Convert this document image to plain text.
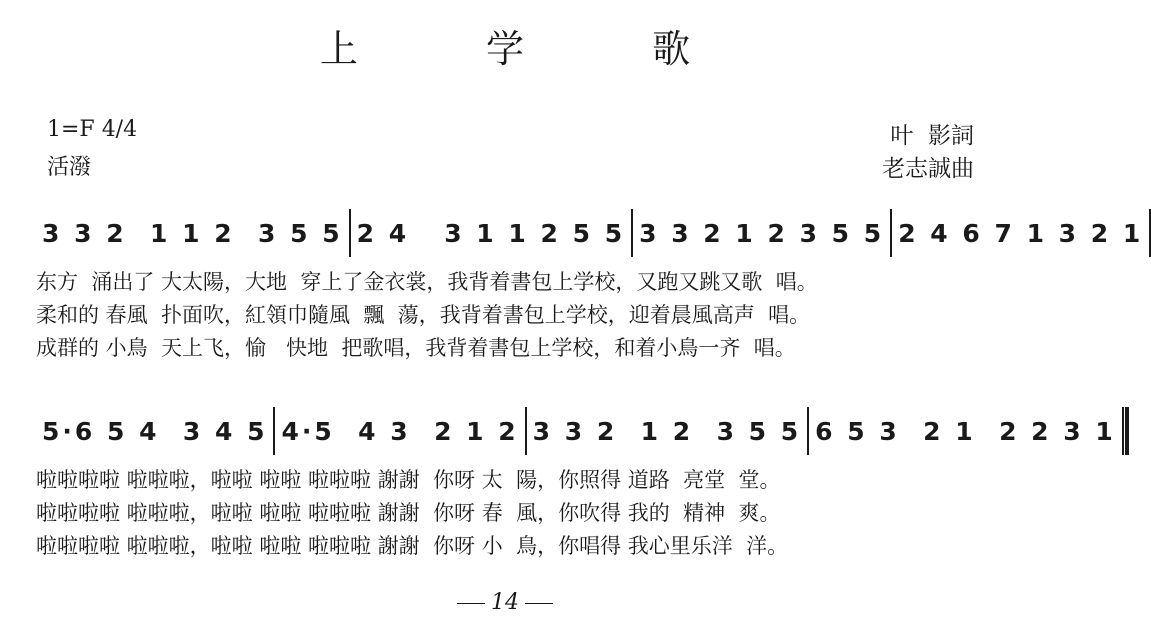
上 学 歌
1=F 4/4
活潑
叶  影詞
老志誠曲
3 3 2  1 1 2  3 5 5 2 4   3 1 1 2 5 5 3 3 2 1 2 3 5 5 2 4 6 7 1 3 2 1
东方  涌出了 大太陽，大地  穿上了金衣裳，我背着書包上学校，又跑又跳又歌  唱。
柔和的 春風  扑面吹，紅領巾隨風  飄  蕩，我背着書包上学校，迎着晨風高声  唱。
成群的 小鳥  天上飞，愉   快地  把歌唱，我背着書包上学校，和着小鳥一齐  唱。
5·6 5 4  3 4 5 4·5  4 3  2 1 2 3 3 2  1 2  3 5 5 6 5 3  2 1  2 2 3 1
啦啦啦啦 啦啦啦，啦啦 啦啦 啦啦啦 謝謝  你呀 太  陽，你照得 道路  亮堂  堂。
啦啦啦啦 啦啦啦，啦啦 啦啦 啦啦啦 謝謝  你呀 春  風，你吹得 我的  精神  爽。
啦啦啦啦 啦啦啦，啦啦 啦啦 啦啦啦 謝謝  你呀 小  鳥，你唱得 我心里乐洋  洋。
14
